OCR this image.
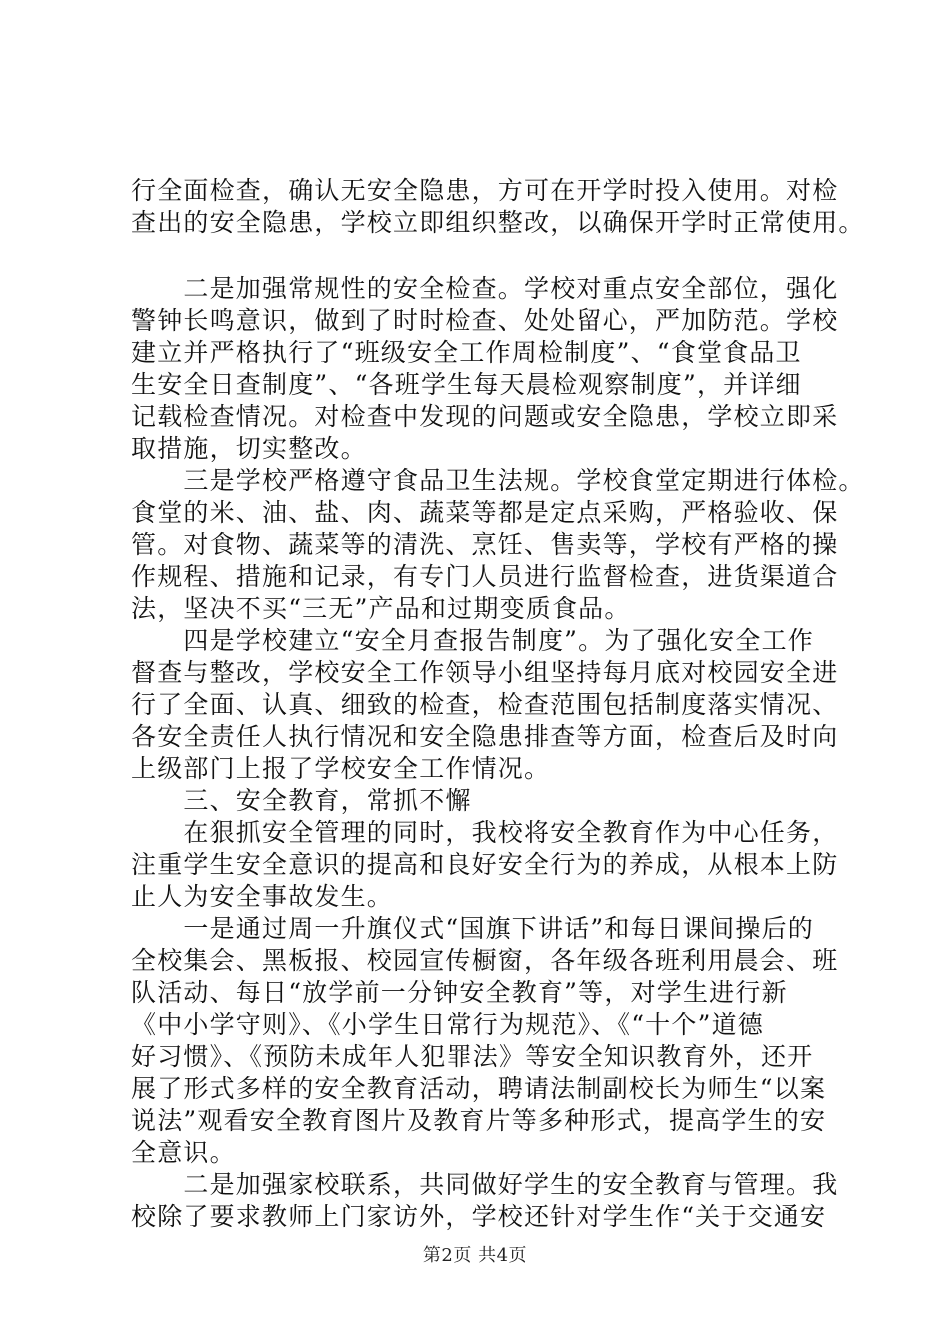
行全面检查，确认无安全隐患，方可在开学时投入使用。对检
查出的安全隐患，学校立即组织整改，以确保开学时正常使用。
　　二是加强常规性的安全检查。学校对重点安全部位，强化
警钟长鸣意识，做到了时时检查、处处留心，严加防范。学校
建立并严格执行了“班级安全工作周检制度”、“食堂食品卫
生安全日查制度”、“各班学生每天晨检观察制度”，并详细
记载检查情况。对检查中发现的问题或安全隐患，学校立即采
取措施，切实整改。
　　三是学校严格遵守食品卫生法规。学校食堂定期进行体检。
食堂的米、油、盐、肉、蔬菜等都是定点采购，严格验收、保
管。对食物、蔬菜等的清洗、烹饪、售卖等，学校有严格的操
作规程、措施和记录，有专门人员进行监督检查，进货渠道合
法，坚决不买“三无”产品和过期变质食品。
　　四是学校建立“安全月查报告制度”。为了强化安全工作
督查与整改，学校安全工作领导小组坚持每月底对校园安全进
行了全面、认真、细致的检查，检查范围包括制度落实情况、
各安全责任人执行情况和安全隐患排查等方面，检查后及时向
上级部门上报了学校安全工作情况。
　　三、安全教育，常抓不懈
　　在狠抓安全管理的同时，我校将安全教育作为中心任务，
注重学生安全意识的提高和良好安全行为的养成，从根本上防
止人为安全事故发生。
　　一是通过周一升旗仪式“国旗下讲话”和每日课间操后的
全校集会、黑板报、校园宣传橱窗，各年级各班利用晨会、班
队活动、每日“放学前一分钟安全教育”等，对学生进行新
《中小学守则》、《小学生日常行为规范》、《“十个”道德
好习惯》、《预防未成年人犯罪法》等安全知识教育外，还开
展了形式多样的安全教育活动，聘请法制副校长为师生“以案
说法”观看安全教育图片及教育片等多种形式，提高学生的安
全意识。
　　二是加强家校联系，共同做好学生的安全教育与管理。我
校除了要求教师上门家访外，学校还针对学生作“关于交通安
第2页 共4页
